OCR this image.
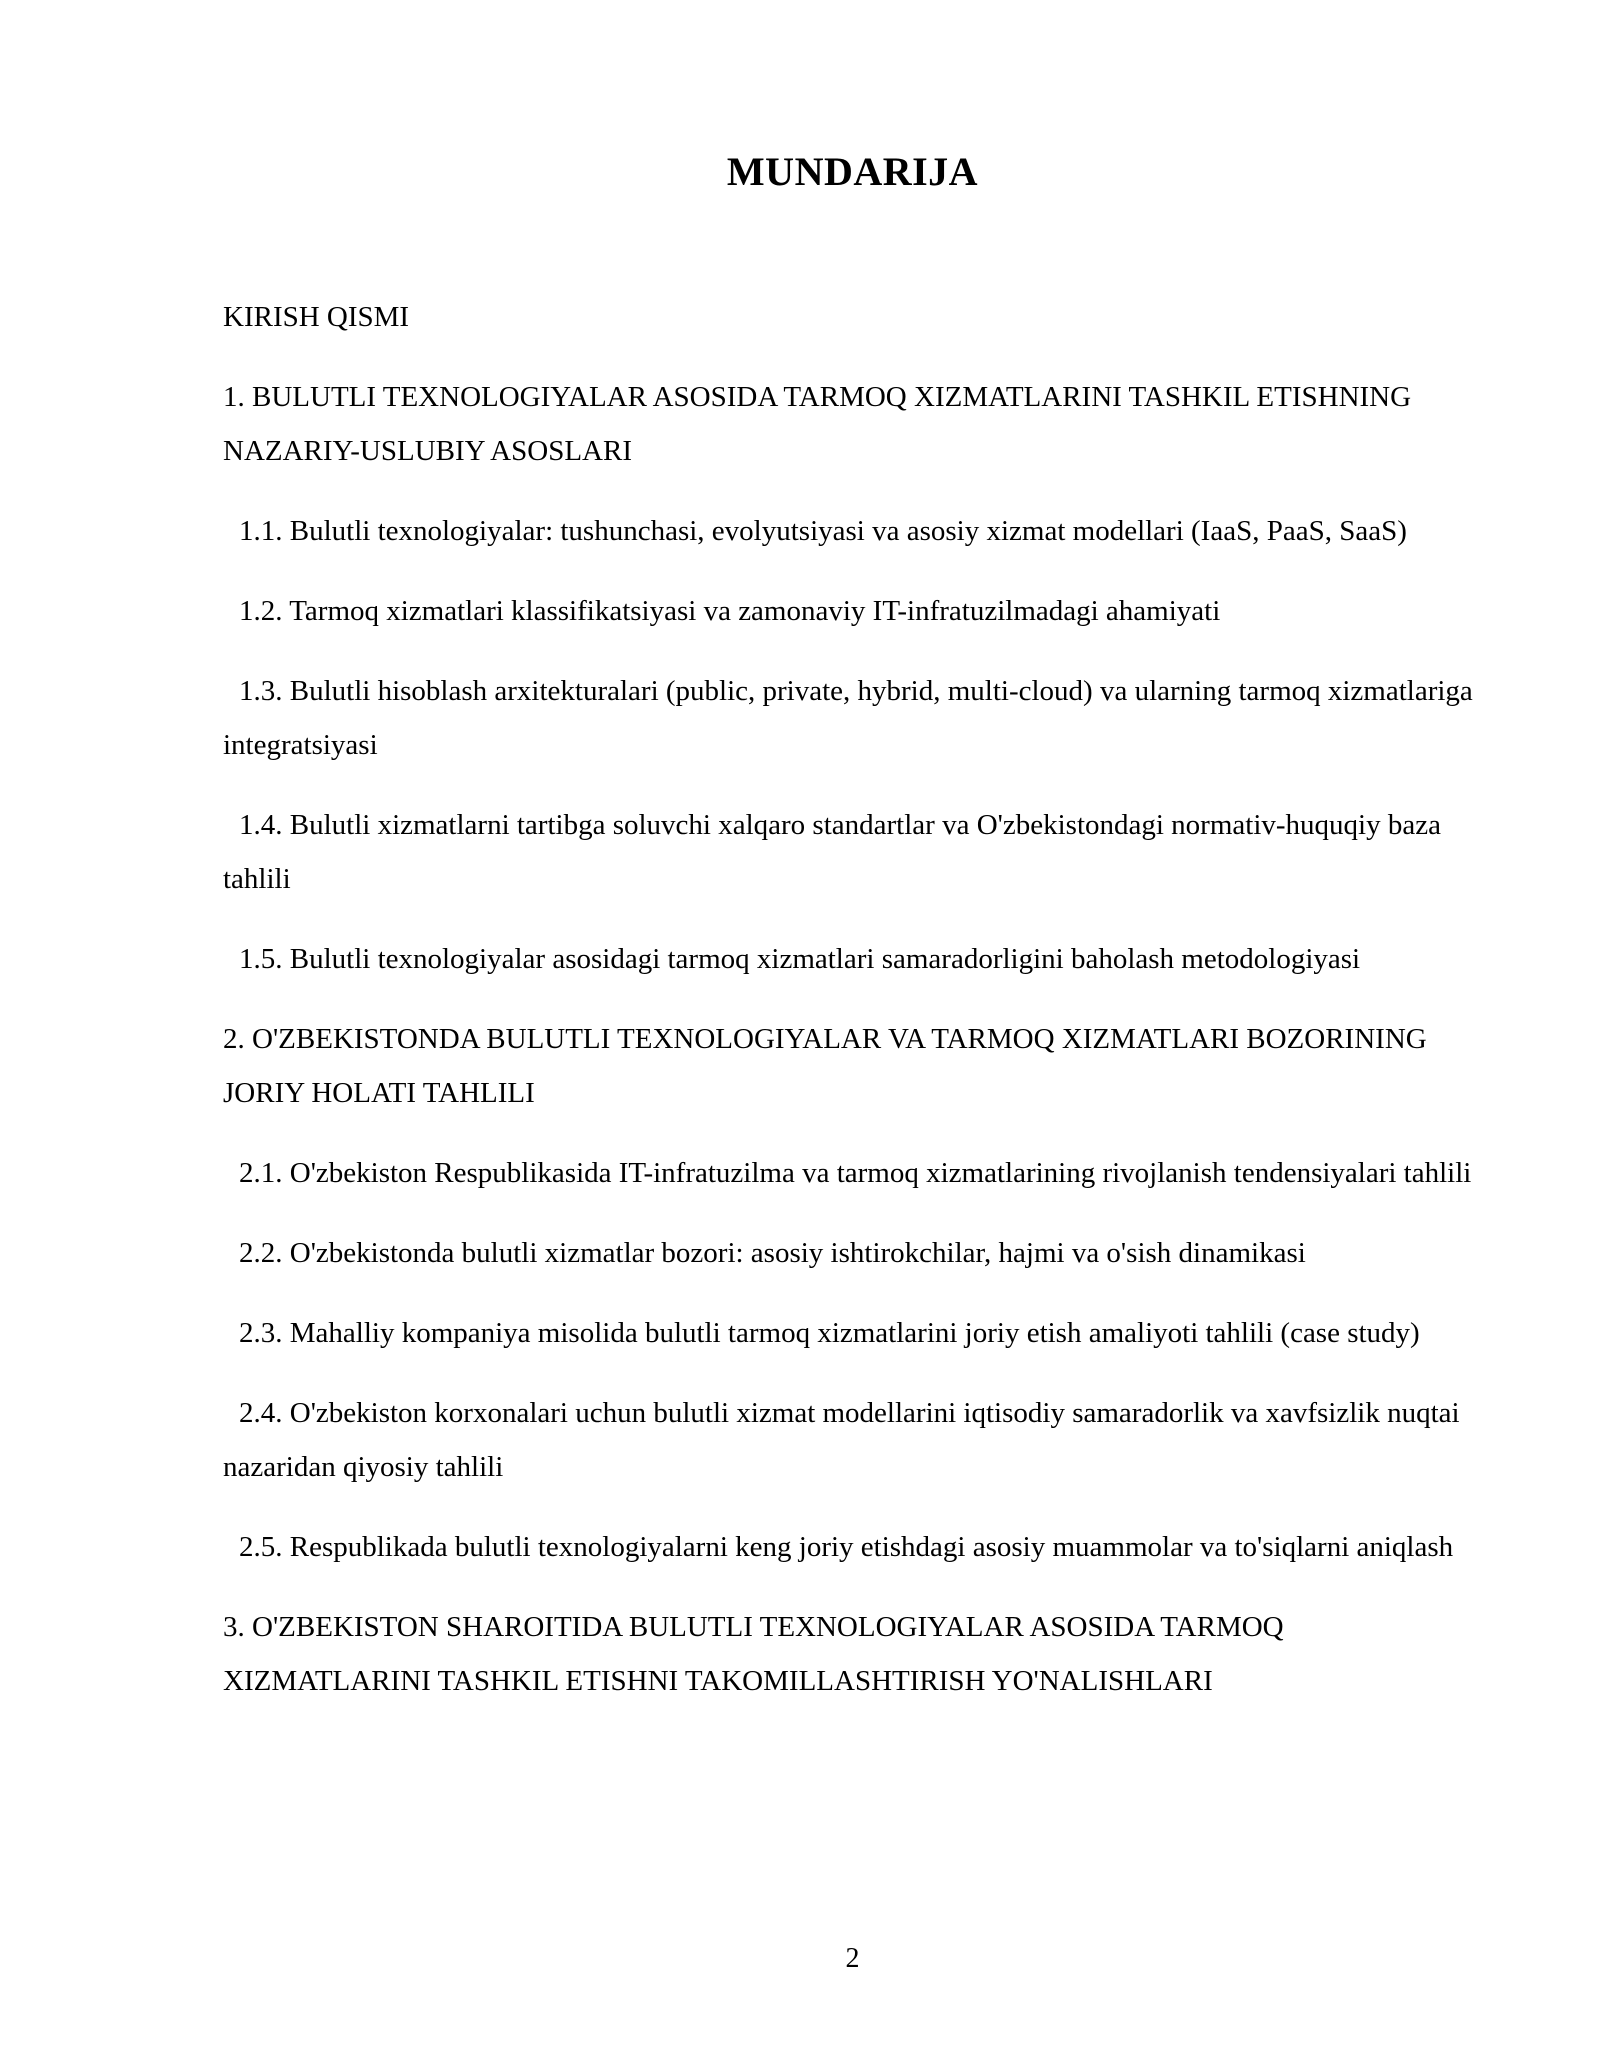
MUNDARIJA
KIRISH QISMI
1. BULUTLI TEXNOLOGIYALAR ASOSIDA TARMOQ XIZMATLARINI TASHKIL ETISHNING NAZARIY-USLUBIY ASOSLARI
1.1. Bulutli texnologiyalar: tushunchasi, evolyutsiyasi va asosiy xizmat modellari (IaaS, PaaS, SaaS)
1.2. Tarmoq xizmatlari klassifikatsiyasi va zamonaviy IT-infratuzilmadagi ahamiyati
1.3. Bulutli hisoblash arxitekturalari (public, private, hybrid, multi-cloud) va ularning tarmoq xizmatlariga integratsiyasi
1.4. Bulutli xizmatlarni tartibga soluvchi xalqaro standartlar va O'zbekistondagi normativ-huquqiy baza tahlili
1.5. Bulutli texnologiyalar asosidagi tarmoq xizmatlari samaradorligini baholash metodologiyasi
2. O'ZBEKISTONDA BULUTLI TEXNOLOGIYALAR VA TARMOQ XIZMATLARI BOZORINING JORIY HOLATI TAHLILI
2.1. O'zbekiston Respublikasida IT-infratuzilma va tarmoq xizmatlarining rivojlanish tendensiyalari tahlili
2.2. O'zbekistonda bulutli xizmatlar bozori: asosiy ishtirokchilar, hajmi va o'sish dinamikasi
2.3. Mahalliy kompaniya misolida bulutli tarmoq xizmatlarini joriy etish amaliyoti tahlili (case study)
2.4. O'zbekiston korxonalari uchun bulutli xizmat modellarini iqtisodiy samaradorlik va xavfsizlik nuqtai nazaridan qiyosiy tahlili
2.5. Respublikada bulutli texnologiyalarni keng joriy etishdagi asosiy muammolar va to'siqlarni aniqlash
3. O'ZBEKISTON SHAROITIDA BULUTLI TEXNOLOGIYALAR ASOSIDA TARMOQ XIZMATLARINI TASHKIL ETISHNI TAKOMILLASHTIRISH YO'NALISHLARI
2
